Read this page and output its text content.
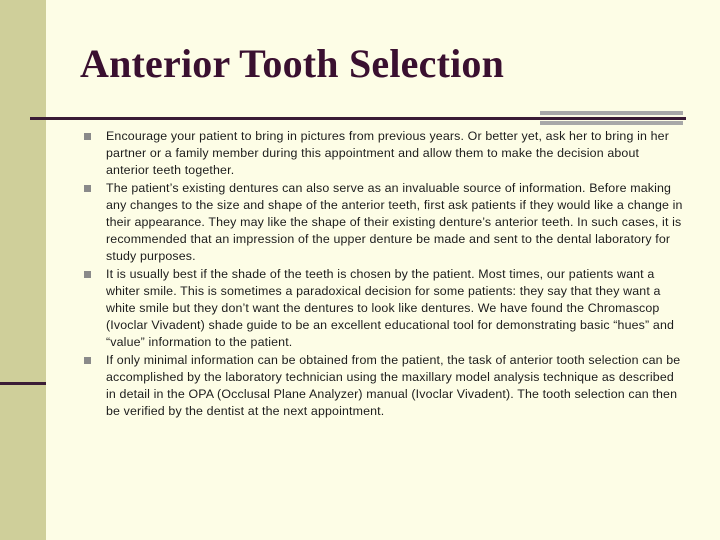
Anterior Tooth Selection
Encourage your patient to bring in pictures from previous years. Or better yet, ask her to bring in her partner or a family member during this appointment and allow them to make the decision about anterior teeth together.
The patient’s existing dentures can also serve as an invaluable source of information. Before making any changes to the size and shape of the anterior teeth, first ask patients if they would like a change in their appearance. They may like the shape of their existing denture’s anterior teeth. In such cases, it is recommended that an impression of the upper denture be made and sent to the dental laboratory for study purposes.
It is usually best if the shade of the teeth is chosen by the patient. Most times, our patients want a whiter smile. This is sometimes a paradoxical decision for some patients: they say that they want a white smile but they don’t want the dentures to look like dentures. We have found the Chromascop (Ivoclar Vivadent) shade guide to be an excellent educational tool for demonstrating basic “hues” and “value” information to the patient.
If only minimal information can be obtained from the patient, the task of anterior tooth selection can be accomplished by the laboratory technician using the maxillary model analysis technique as described in detail in the OPA (Occlusal Plane Analyzer) manual (Ivoclar Vivadent). The tooth selection can then be verified by the dentist at the next appointment.
